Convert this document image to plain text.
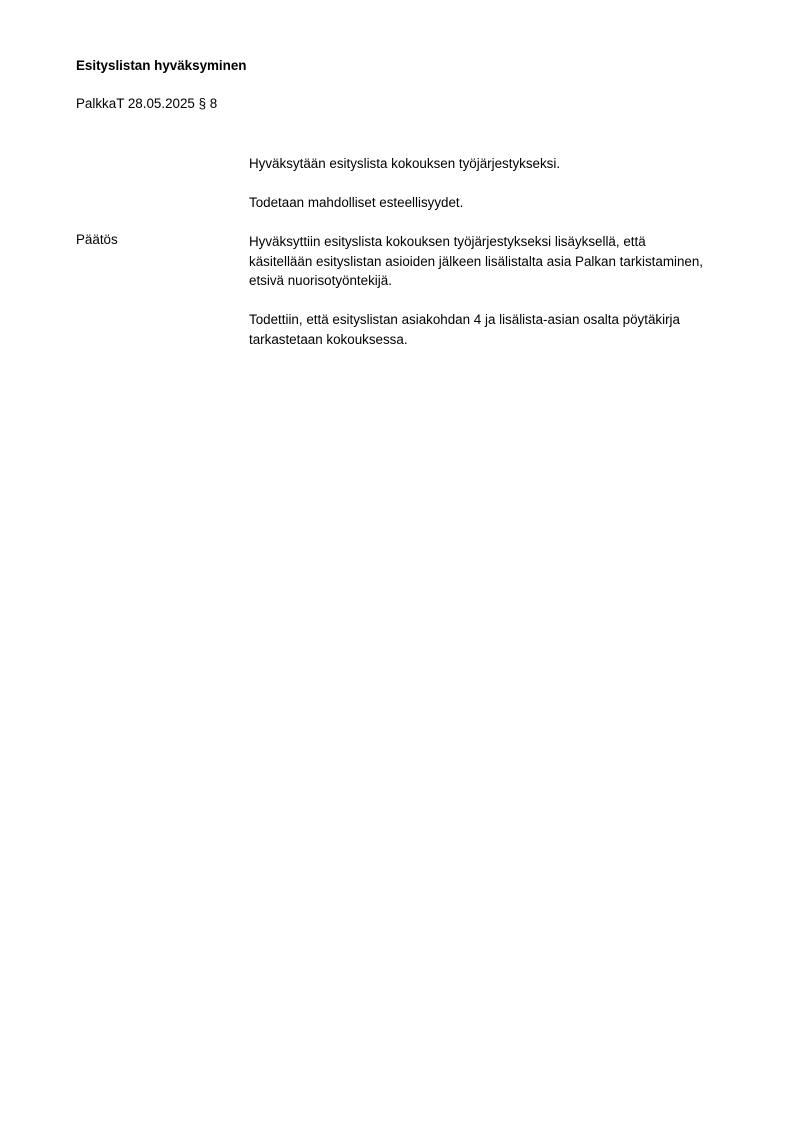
Esityslistan hyväksyminen
PalkkaT 28.05.2025 § 8
Hyväksytään esityslista kokouksen työjärjestykseksi.
Todetaan mahdolliset esteellisyydet.
Päätös	Hyväksyttiin esityslista kokouksen työjärjestykseksi lisäyksellä, että
käsitellään esityslistan asioiden jälkeen lisälistalta asia Palkan tarkistaminen,
etsivä nuorisotyöntekijä.
Todettiin, että esityslistan asiakohdan 4 ja lisälista-asian osalta pöytäkirja
tarkastetaan kokouksessa.
